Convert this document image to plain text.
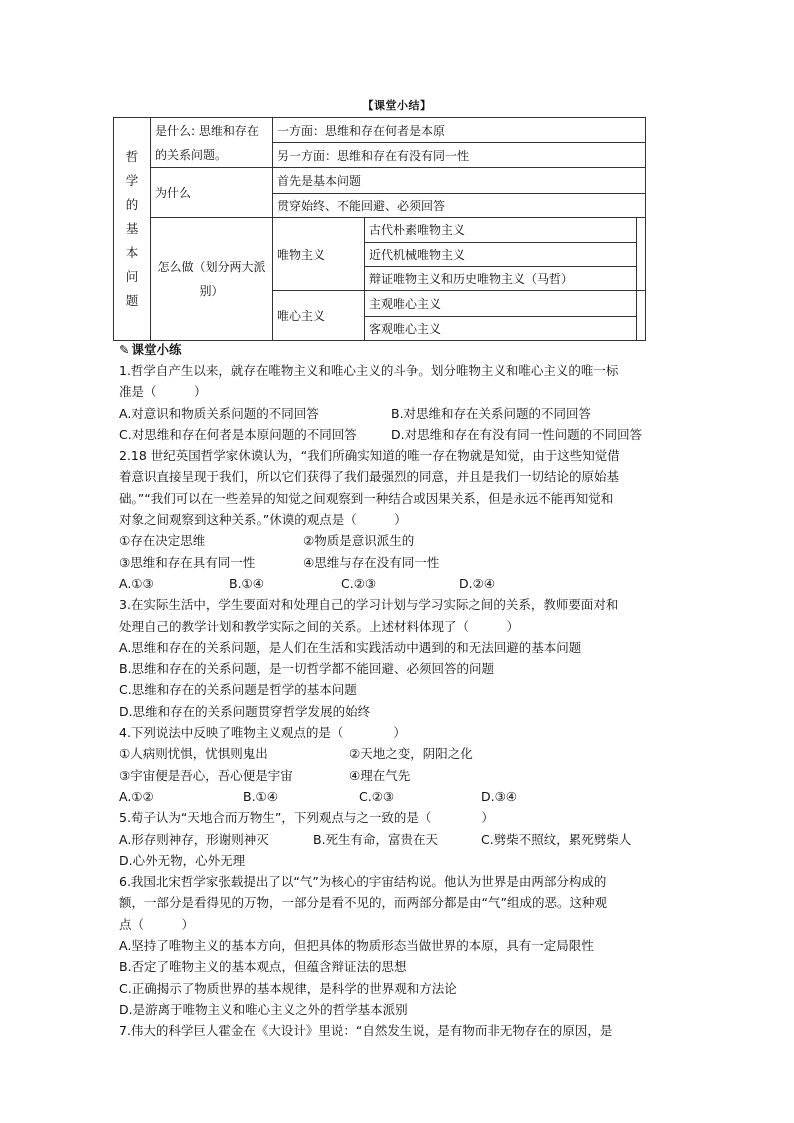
【课堂小结】
哲学的基本问题	是什么: 思维和存在的关系问题。	一方面：思维和存在何者是本原		
		另一方面：思维和存在有没有同一性		
	为什么	首先是基本问题		
		贯穿始终、不能回避、必须回答		

	怎么做（划分两大派别）	唯物主义	古代朴素唯物主义	
			近代机械唯物主义	
			辩证唯物主义和历史唯物主义（马哲）	
		唯心主义	主观唯心主义	
			客观唯心主义	
✎ 课堂小练
1.哲学自产生以来，就存在唯物主义和唯心主义的斗争。划分唯物主义和唯心主义的唯一标
准是（　　　）
A.对意识和物质关系问题的不同回答	B.对思维和存在关系问题的不同回答
C.对思维和存在何者是本原问题的不同回答	D.对思维和存在有没有同一性问题的不同回答
2.18 世纪英国哲学家休谟认为，“我们所确实知道的唯一存在物就是知觉，由于这些知觉借
着意识直接呈现于我们，所以它们获得了我们最强烈的同意，并且是我们一切结论的原始基
础。”“我们可以在一些差异的知觉之间观察到一种结合或因果关系，但是永远不能再知觉和
对象之间观察到这种关系。”休谟的观点是（　　　）
①存在决定思维	②物质是意识派生的
③思维和存在具有同一性	④思维与存在没有同一性
A.①③	B.①④	C.②③	D.②④
3.在实际生活中，学生要面对和处理自己的学习计划与学习实际之间的关系，教师要面对和
处理自己的教学计划和教学实际之间的关系。上述材料体现了（　　　）
A.思维和存在的关系问题，是人们在生活和实践活动中遇到的和无法回避的基本问题
B.思维和存在的关系问题，是一切哲学都不能回避、必须回答的问题
C.思维和存在的关系问题是哲学的基本问题
D.思维和存在的关系问题贯穿哲学发展的始终
4.下列说法中反映了唯物主义观点的是（　　　　）
①人病则忧惧，忧惧则鬼出	②天地之变，阴阳之化
③宇宙便是吾心，吾心便是宇宙	④理在气先
A.①②	B.①④	C.②③	D.③④
5.荀子认为“天地合而万物生”，下列观点与之一致的是（　　　　）
A.形存则神存，形谢则神灭	B.死生有命，富贵在天	C.劈柴不照纹，累死劈柴人
D.心外无物，心外无理
6.我国北宋哲学家张载提出了以“气”为核心的宇宙结构说。他认为世界是由两部分构成的
额，一部分是看得见的万物，一部分是看不见的，而两部分都是由“气”组成的恶。这种观
点（　　　）
A.坚持了唯物主义的基本方向，但把具体的物质形态当做世界的本原，具有一定局限性
B.否定了唯物主义的基本观点，但蕴含辩证法的思想
C.正确揭示了物质世界的基本规律，是科学的世界观和方法论
D.是游离于唯物主义和唯心主义之外的哲学基本派别
7.伟大的科学巨人霍金在《大设计》里说：“自然发生说，是有物而非无物存在的原因，是
